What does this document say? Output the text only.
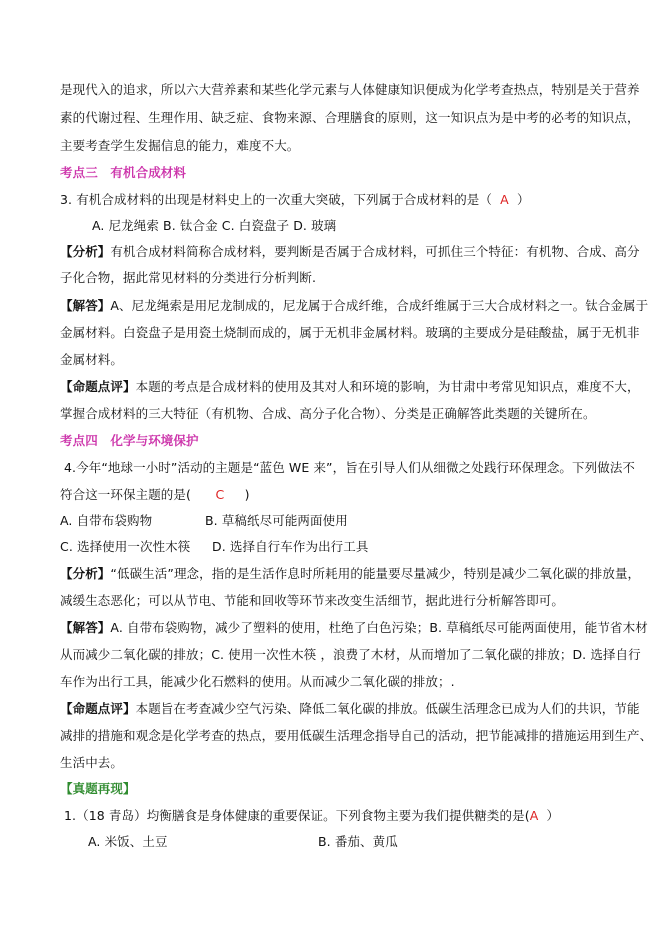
是现代入的追求，所以六大营养素和某些化学元素与人体健康知识便成为化学考查热点，特别是关于营养
素的代谢过程、生理作用、缺乏症、食物来源、合理膳食的原则，这一知识点为是中考的必考的知识点，
主要考查学生发掘信息的能力，难度不大。
考点三　有机合成材料
3. 有机合成材料的出现是材料史上的一次重大突破，下列属于合成材料的是（ A ）
A. 尼龙绳索 B. 钛合金 C. 白瓷盘子 D. 玻璃
【分析】有机合成材料简称合成材料，要判断是否属于合成材料，可抓住三个特征：有机物、合成、高分
子化合物，据此常见材料的分类进行分析判断.
【解答】A、尼龙绳索是用尼龙制成的，尼龙属于合成纤维，合成纤维属于三大合成材料之一。钛合金属于
金属材料。白瓷盘子是用瓷土烧制而成的，属于无机非金属材料。玻璃的主要成分是硅酸盐，属于无机非
金属材料。
【命题点评】本题的考点是合成材料的使用及其对人和环境的影响，为甘肃中考常见知识点，难度不大，
掌握合成材料的三大特征（有机物、合成、高分子化合物）、分类是正确解答此类题的关键所在。
考点四　化学与环境保护
4.今年“地球一小时”活动的主题是“蓝色 WE 来”，旨在引导人们从细微之处践行环保理念。下列做法不
符合这一环保主题的是( C )
A. 自带布袋购物	B. 草稿纸尽可能两面使用
C. 选择使用一次性木筷 D. 选择自行车作为出行工具
【分析】“低碳生活”理念，指的是生活作息时所耗用的能量要尽量减少，特别是减少二氧化碳的排放量，
减缓生态恶化；可以从节电、节能和回收等环节来改变生活细节，据此进行分析解答即可。
【解答】A. 自带布袋购物，减少了塑料的使用，杜绝了白色污染；B. 草稿纸尽可能两面使用，能节省木材
从而减少二氧化碳的排放；C. 使用一次性木筷 ，浪费了木材，从而增加了二氧化碳的排放；D. 选择自行
车作为出行工具，能减少化石燃料的使用。从而减少二氧化碳的排放；.
【命题点评】本题旨在考查减少空气污染、降低二氧化碳的排放。低碳生活理念已成为人们的共识，节能
减排的措施和观念是化学考查的热点，要用低碳生活理念指导自己的活动，把节能减排的措施运用到生产、
生活中去。
【真题再现】
1.（18 青岛）均衡膳食是身体健康的重要保证。下列食物主要为我们提供糖类的是(A ）
A. 米饭、土豆	B. 番茄、黄瓜
